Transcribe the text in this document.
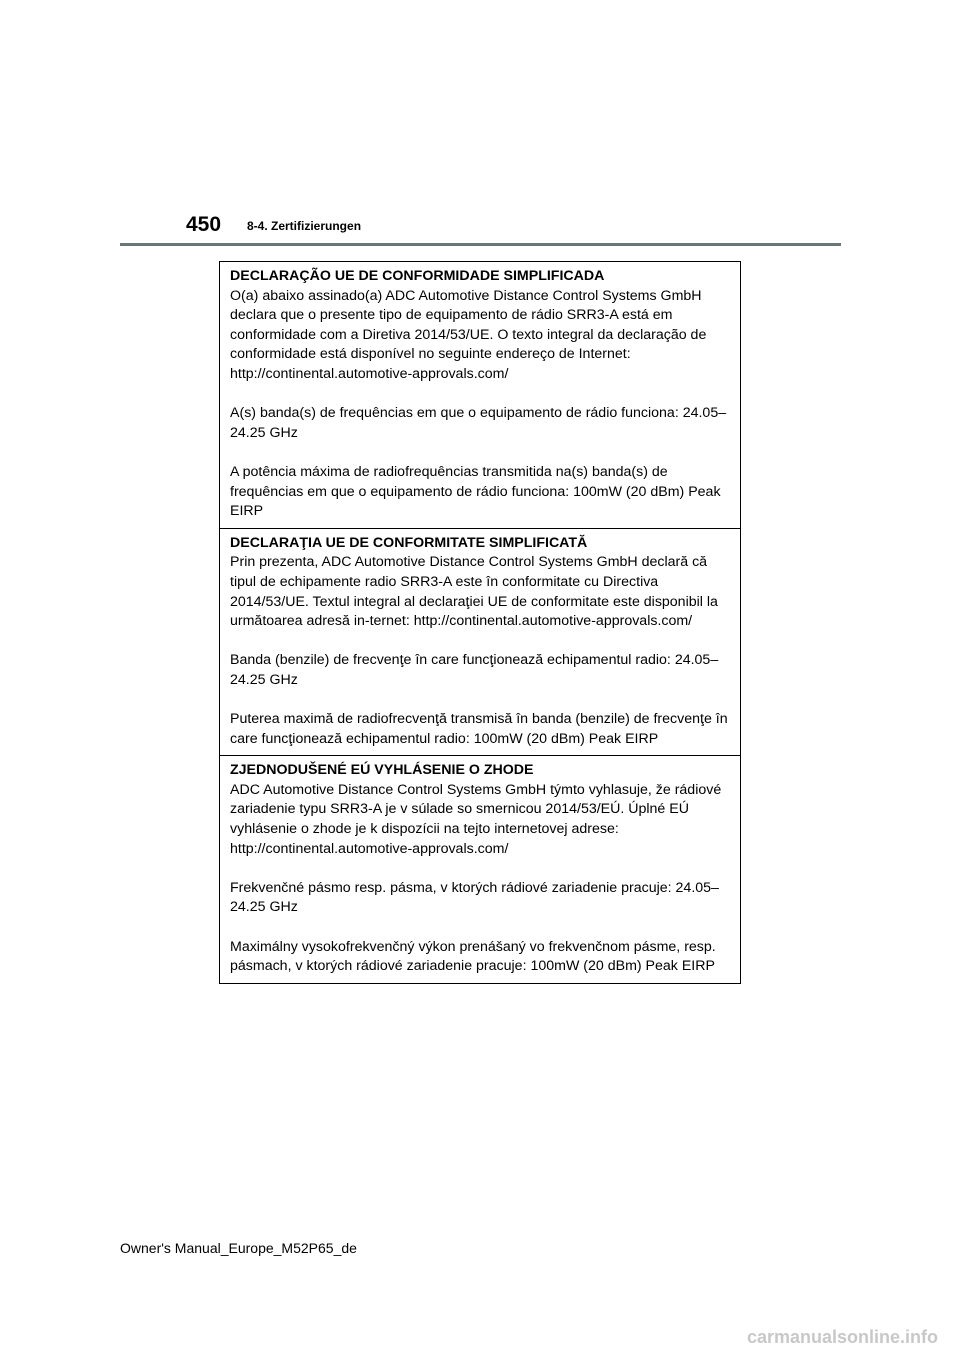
450 8-4. Zertifizierungen
DECLARAÇÃO UE DE CONFORMIDADE SIMPLIFICADA

O(a) abaixo assinado(a) ADC Automotive Distance Control Systems GmbH declara que o presente tipo de equipamento de rádio SRR3-A está em conformidade com a Diretiva 2014/53/UE. O texto integral da declaração de conformidade está disponível no seguinte endereço de Internet: http://continental.automotive-approvals.com/

A(s) banda(s) de frequências em que o equipamento de rádio funciona: 24.05–24.25 GHz

A potência máxima de radiofrequências transmitida na(s) banda(s) de frequências em que o equipamento de rádio funciona: 100mW (20 dBm) Peak EIRP

DECLARAŢIA UE DE CONFORMITATE SIMPLIFICATĂ

Prin prezenta, ADC Automotive Distance Control Systems GmbH declară că tipul de echipamente radio SRR3-A este în conformitate cu Directiva 2014/53/UE. Textul integral al declaraţiei UE de conformitate este disponibil la următoarea adresă in-ternet: http://continental.automotive-approvals.com/

Banda (benzile) de frecvenţe în care funcţionează echipamentul radio: 24.05–24.25 GHz

Puterea maximă de radiofrecvenţă transmisă în banda (benzile) de frecvenţe în care funcţionează echipamentul radio: 100mW (20 dBm) Peak EIRP

ZJEDNODUŠENÉ EÚ VYHLÁSENIE O ZHODE

ADC Automotive Distance Control Systems GmbH týmto vyhlasuje, že rádiové zariadenie typu SRR3-A je v súlade so smernicou 2014/53/EÚ. Úplné EÚ vyhlásenie o zhode je k dispozícii na tejto internetovej adrese: http://continental.automotive-approvals.com/

Frekvenčné pásmo resp. pásma, v ktorých rádiové zariadenie pracuje: 24.05–24.25 GHz

Maximálny vysokofrekvenčný výkon prenášaný vo frekvenčnom pásme, resp. pásmach, v ktorých rádiové zariadenie pracuje: 100mW (20 dBm) Peak EIRP

Owner's Manual_Europe_M52P65_de
carmanualsonline.info
